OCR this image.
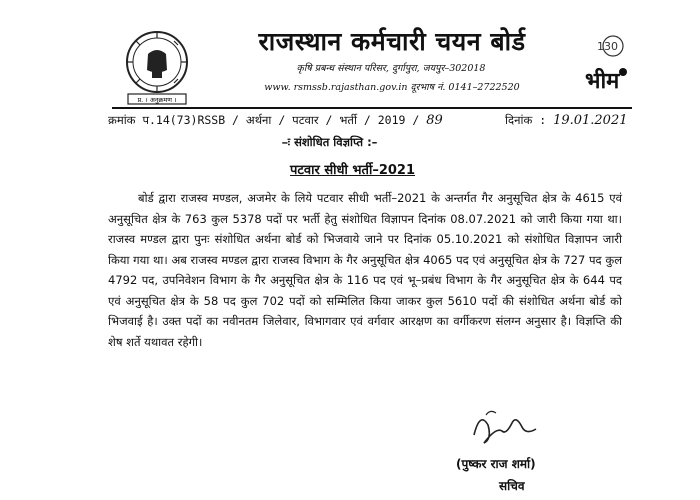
प्र. । अनुक्रमण ।
राजस्थान कर्मचारी चयन बोर्ड
कृषि प्रबन्ध संस्थान परिसर, दुर्गापुरा, जयपुर–302018
www. rsmssb.rajasthan.gov.in दूरभाष नं. 0141–2722520
130
भीम
क्रमांक प.14(73)RSSB / अर्थना / पटवार / भर्ती / 2019 / 89	दिनांक : 19.01.2021
–ः संशोधित विज्ञप्ति :–
पटवार सीधी भर्ती–2021
बोर्ड द्वारा राजस्व मण्डल, अजमेर के लिये पटवार सीधी भर्ती–2021 के अन्तर्गत गैर अनुसूचित क्षेत्र के 4615 एवं अनुसूचित क्षेत्र के 763 कुल 5378 पदों पर भर्ती हेतु संशोधित विज्ञापन दिनांक 08.07.2021 को जारी किया गया था। राजस्व मण्डल द्वारा पुनः संशोधित अर्थना बोर्ड को भिजवाये जाने पर दिनांक 05.10.2021 को संशोधित विज्ञापन जारी किया गया था। अब राजस्व मण्डल द्वारा राजस्व विभाग के गैर अनुसूचित क्षेत्र 4065 पद एवं अनुसूचित क्षेत्र के 727 पद कुल 4792 पद, उपनिवेशन विभाग के गैर अनुसूचित क्षेत्र के 116 पद एवं भू–प्रबंध विभाग के गैर अनुसूचित क्षेत्र के 644 पद एवं अनुसूचित क्षेत्र के 58 पद कुल 702 पदों को सम्मिलित किया जाकर कुल 5610 पदों की संशोधित अर्थना बोर्ड को भिजवाई है। उक्त पदों का नवीनतम जिलेवार, विभागवार एवं वर्गवार आरक्षण का वर्गीकरण संलग्न अनुसार है। विज्ञप्ति की शेष शर्ते यथावत रहेगी।
(पुष्कर राज शर्मा)
सचिव
